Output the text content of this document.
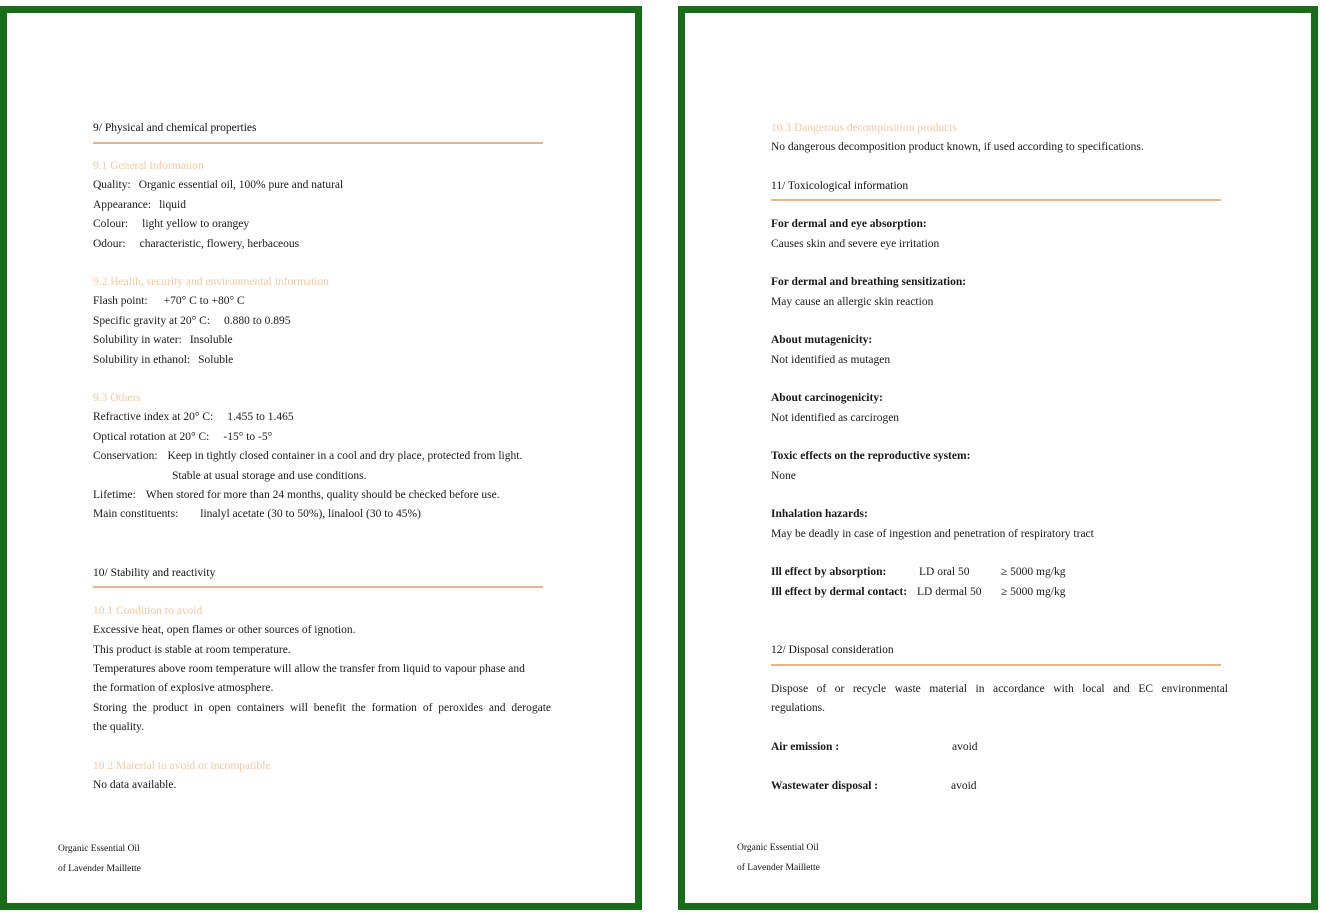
9/ Physical and chemical properties
9.1 General information
Quality: Organic essential oil, 100% pure and natural
Appearance: liquid
Colour: light yellow to orangey
Odour: characteristic, flowery, herbaceous
9.2 Health, security and environmental information
Flash point: +70° C to +80° C
Specific gravity at 20° C: 0.880 to 0.895
Solubility in water: Insoluble
Solubility in ethanol: Soluble
9.3 Others
Refractive index at 20° C: 1.455 to 1.465
Optical rotation at 20° C: -15° to -5°
Conservation: Keep in tightly closed container in a cool and dry place, protected from light.
Stable at usual storage and use conditions.
Lifetime: When stored for more than 24 months, quality should be checked before use.
Main constituents: linalyl acetate (30 to 50%), linalool (30 to 45%)
10/ Stability and reactivity
10.1 Condition to avoid
Excessive heat, open flames or other sources of ignotion.
This product is stable at room temperature.
Temperatures above room temperature will allow the transfer from liquid to vapour phase and
the formation of explosive atmosphere.
Storing the product in open containers will benefit the formation of peroxides and derogate
the quality.
10.2 Material to avoid or incompatible
No data available.
Organic Essential Oil
of Lavender Maillette
10.3 Dangerous decomposition products
No dangerous decomposition product known, if used according to specifications.
11/ Toxicological information
For dermal and eye absorption:
Causes skin and severe eye irritation
For dermal and breathing sensitization:
May cause an allergic skin reaction
About mutagenicity:
Not identified as mutagen
About carcinogenicity:
Not identified as carcirogen
Toxic effects on the reproductive system:
None
Inhalation hazards:
May be deadly in case of ingestion and penetration of respiratory tract
Ill effect by absorption:	LD oral 50	≥ 5000 mg/kg
Ill effect by dermal contact: LD dermal 50 ≥ 5000 mg/kg
12/ Disposal consideration
Dispose of or recycle waste material in accordance with local and EC environmental
regulations.
Air emission :	avoid
Wastewater disposal :	avoid
Organic Essential Oil
of Lavender Maillette
